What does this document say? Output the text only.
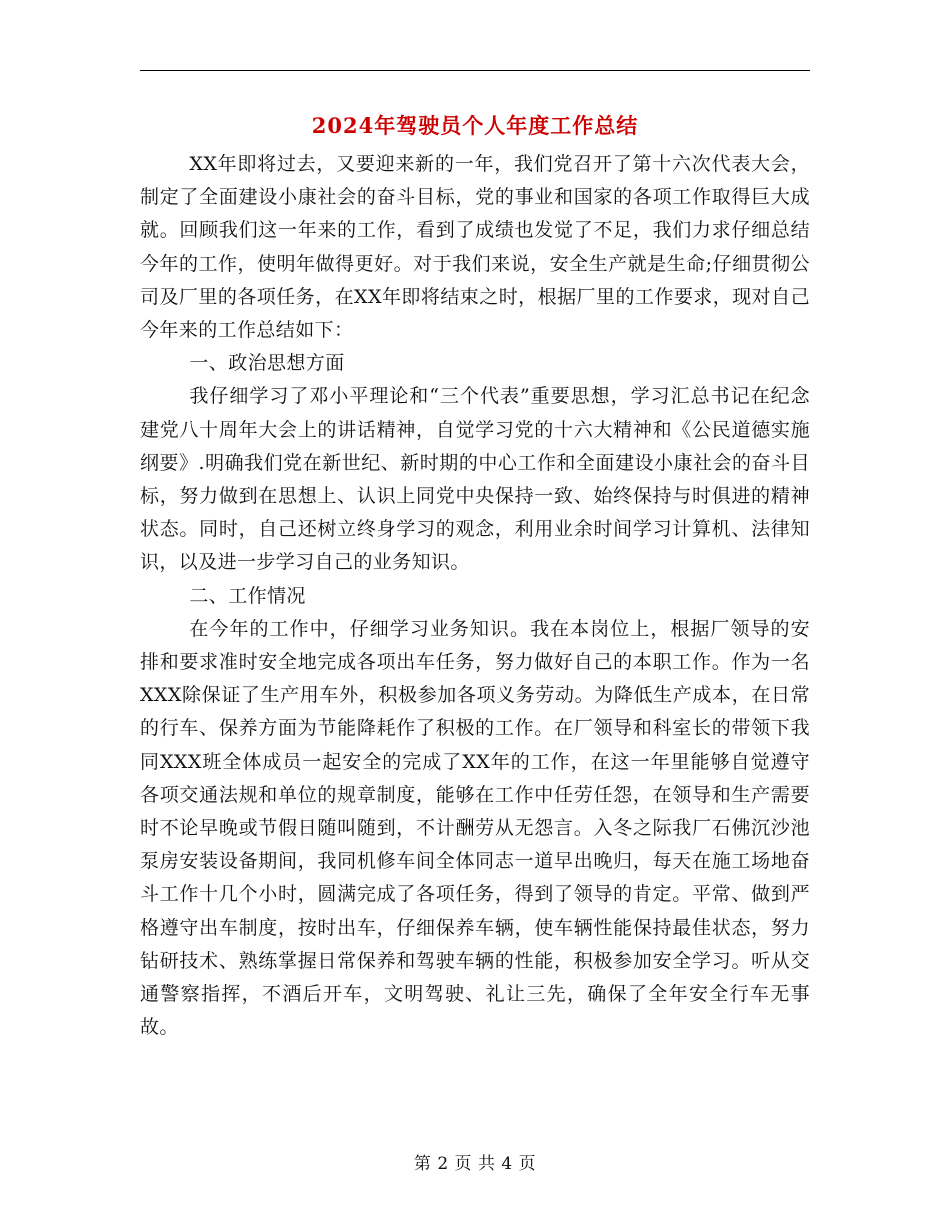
2024年驾驶员个人年度工作总结

XX年即将过去，又要迎来新的一年，我们党召开了第十六次代表大会，制定了全面建设小康社会的奋斗目标，党的事业和国家的各项工作取得巨大成就。回顾我们这一年来的工作，看到了成绩也发觉了不足，我们力求仔细总结今年的工作，使明年做得更好。对于我们来说，安全生产就是生命;仔细贯彻公司及厂里的各项任务，在XX年即将结束之时，根据厂里的工作要求，现对自己今年来的工作总结如下：

一、政治思想方面

我仔细学习了邓小平理论和“三个代表”重要思想，学习汇总书记在纪念建党八十周年大会上的讲话精神，自觉学习党的十六大精神和《公民道德实施纲要》.明确我们党在新世纪、新时期的中心工作和全面建设小康社会的奋斗目标，努力做到在思想上、认识上同党中央保持一致、始终保持与时俱进的精神状态。同时，自己还树立终身学习的观念，利用业余时间学习计算机、法律知识，以及进一步学习自己的业务知识。

二、工作情况

在今年的工作中，仔细学习业务知识。我在本岗位上，根据厂领导的安排和要求准时安全地完成各项出车任务，努力做好自己的本职工作。作为一名XXX除保证了生产用车外，积极参加各项义务劳动。为降低生产成本，在日常的行车、保养方面为节能降耗作了积极的工作。在厂领导和科室长的带领下我同XXX班全体成员一起安全的完成了XX年的工作，在这一年里能够自觉遵守各项交通法规和单位的规章制度，能够在工作中任劳任怨，在领导和生产需要时不论早晚或节假日随叫随到，不计酬劳从无怨言。入冬之际我厂石佛沉沙池泵房安装设备期间，我同机修车间全体同志一道早出晚归，每天在施工场地奋斗工作十几个小时，圆满完成了各项任务，得到了领导的肯定。平常、做到严格遵守出车制度，按时出车，仔细保养车辆，使车辆性能保持最佳状态，努力钻研技术、熟练掌握日常保养和驾驶车辆的性能，积极参加安全学习。听从交通警察指挥，不酒后开车，文明驾驶、礼让三先，确保了全年安全行车无事故。

第 2 页 共 4 页
